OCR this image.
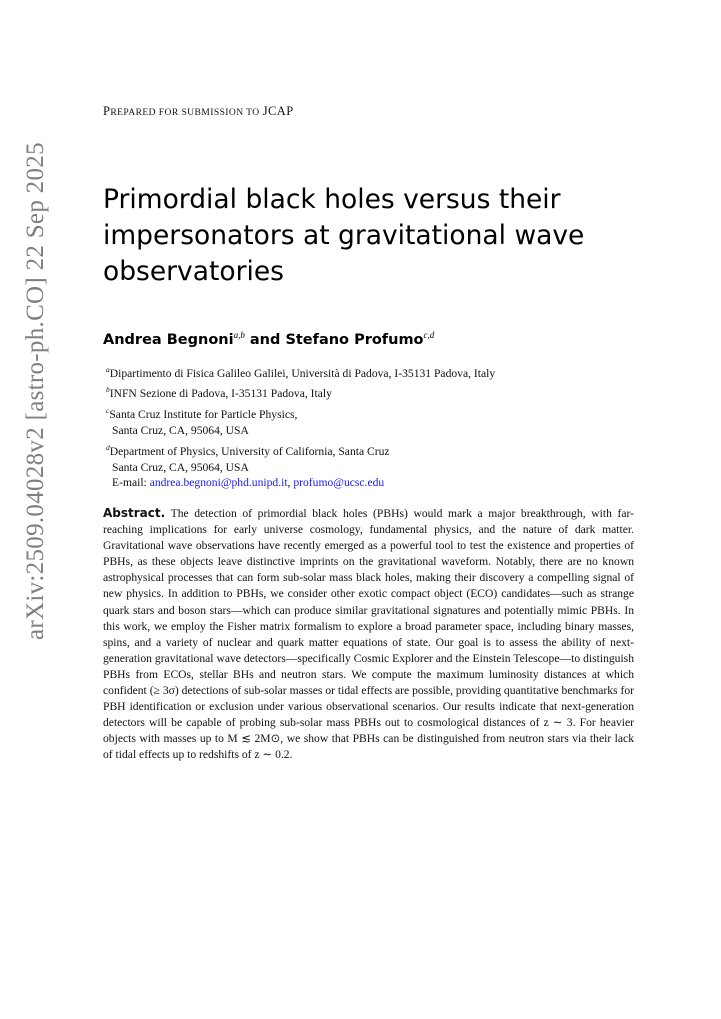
PREPARED FOR SUBMISSION TO JCAP
arXiv:2509.04028v2 [astro-ph.CO] 22 Sep 2025 Primordial black holes versus their impersonators at gravitational wave observatories
Andrea Begnoni$^{a,b}$ and Stefano Profumo$^{c,d}$
$^a$Dipartimento di Fisica Galileo Galilei, Università di Padova, I-35131 Padova, Italy
$^b$INFN Sezione di Padova, I-35131 Padova, Italy
$^c$Santa Cruz Institute for Particle Physics,
Santa Cruz, CA, 95064, USA
$^d$Department of Physics, University of California, Santa Cruz
Santa Cruz, CA, 95064, USA
E-mail: andrea.begnoni@phd.unipd.it, profumo@ucsc.edu
Abstract. The detection of primordial black holes (PBHs) would mark a major breakthrough, with far-reaching implications for early universe cosmology, fundamental physics, and the nature of dark matter. Gravitational wave observations have recently emerged as a powerful tool to test the existence and properties of PBHs, as these objects leave distinctive imprints on the gravitational waveform. Notably, there are no known astrophysical processes that can form sub-solar mass black holes, making their discovery a compelling signal of new physics. In addition to PBHs, we consider other exotic compact object (ECO) candidates—such as strange quark stars and boson stars—which can produce similar gravitational signatures and potentially mimic PBHs. In this work, we employ the Fisher matrix formalism to explore a broad parameter space, including binary masses, spins, and a variety of nuclear and quark matter equations of state. Our goal is to assess the ability of next-generation gravitational wave detectors—specifically Cosmic Explorer and the Einstein Telescope—to distinguish PBHs from ECOs, stellar BHs and neutron stars. We compute the maximum luminosity distances at which confident (≥ 3σ) detections of sub-solar masses or tidal effects are possible, providing quantitative benchmarks for PBH identification or exclusion under various observational scenarios. Our results indicate that next-generation detectors will be capable of probing sub-solar mass PBHs out to cosmological distances of z ∼ 3. For heavier objects with masses up to M ≲ 2M⊙, we show that PBHs can be distinguished from neutron stars via their lack of tidal effects up to redshifts of z ∼ 0.2.
